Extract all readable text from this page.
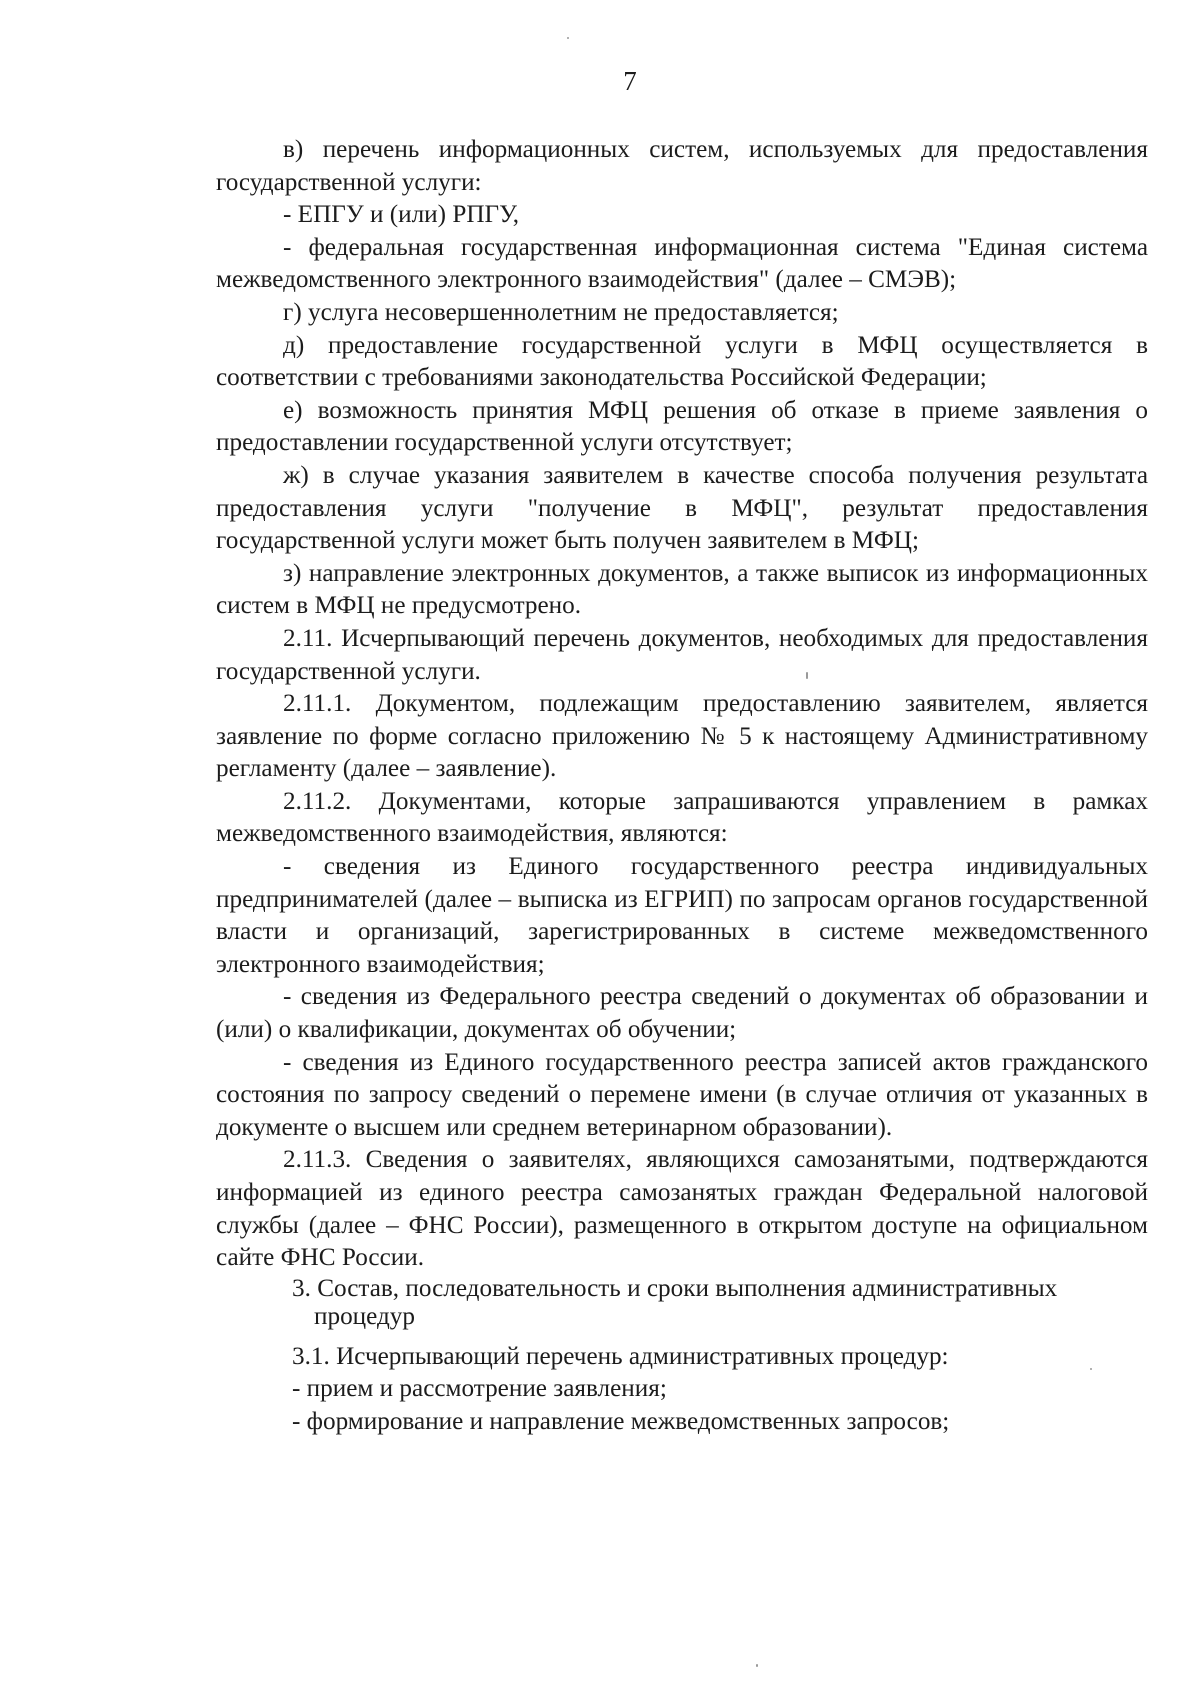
7

в) перечень информационных систем, используемых для предоставления государственной услуги:

- ЕПГУ и (или) РПГУ,

- федеральная государственная информационная система "Единая система межведомственного электронного взаимодействия" (далее – СМЭВ);

г) услуга несовершеннолетним не предоставляется;

д) предоставление государственной услуги в МФЦ осуществляется в соответствии с требованиями законодательства Российской Федерации;

е) возможность принятия МФЦ решения об отказе в приеме заявления о предоставлении государственной услуги отсутствует;

ж) в случае указания заявителем в качестве способа получения результата предоставления услуги "получение в МФЦ", результат предоставления государственной услуги может быть получен заявителем в МФЦ;

з) направление электронных документов, а также выписок из информационных систем в МФЦ не предусмотрено.

2.11. Исчерпывающий перечень документов, необходимых для предоставления государственной услуги.

2.11.1. Документом, подлежащим предоставлению заявителем, является заявление по форме согласно приложению № 5 к настоящему Административному регламенту (далее – заявление).

2.11.2. Документами, которые запрашиваются управлением в рамках межведомственного взаимодействия, являются:

- сведения из Единого государственного реестра индивидуальных предпринимателей (далее – выписка из ЕГРИП) по запросам органов государственной власти и организаций, зарегистрированных в системе межведомственного электронного взаимодействия;

- сведения из Федерального реестра сведений о документах об образовании и (или) о квалификации, документах об обучении;

- сведения из Единого государственного реестра записей актов гражданского состояния по запросу сведений о перемене имени (в случае отличия от указанных в документе о высшем или среднем ветеринарном образовании).

2.11.3. Сведения о заявителях, являющихся самозанятыми, подтверждаются информацией из единого реестра самозанятых граждан Федеральной налоговой службы (далее – ФНС России), размещенного в открытом доступе на официальном сайте ФНС России.

3. Состав, последовательность и сроки выполнения административных процедур

3.1. Исчерпывающий перечень административных процедур:

- прием и рассмотрение заявления;

- формирование и направление межведомственных запросов;
